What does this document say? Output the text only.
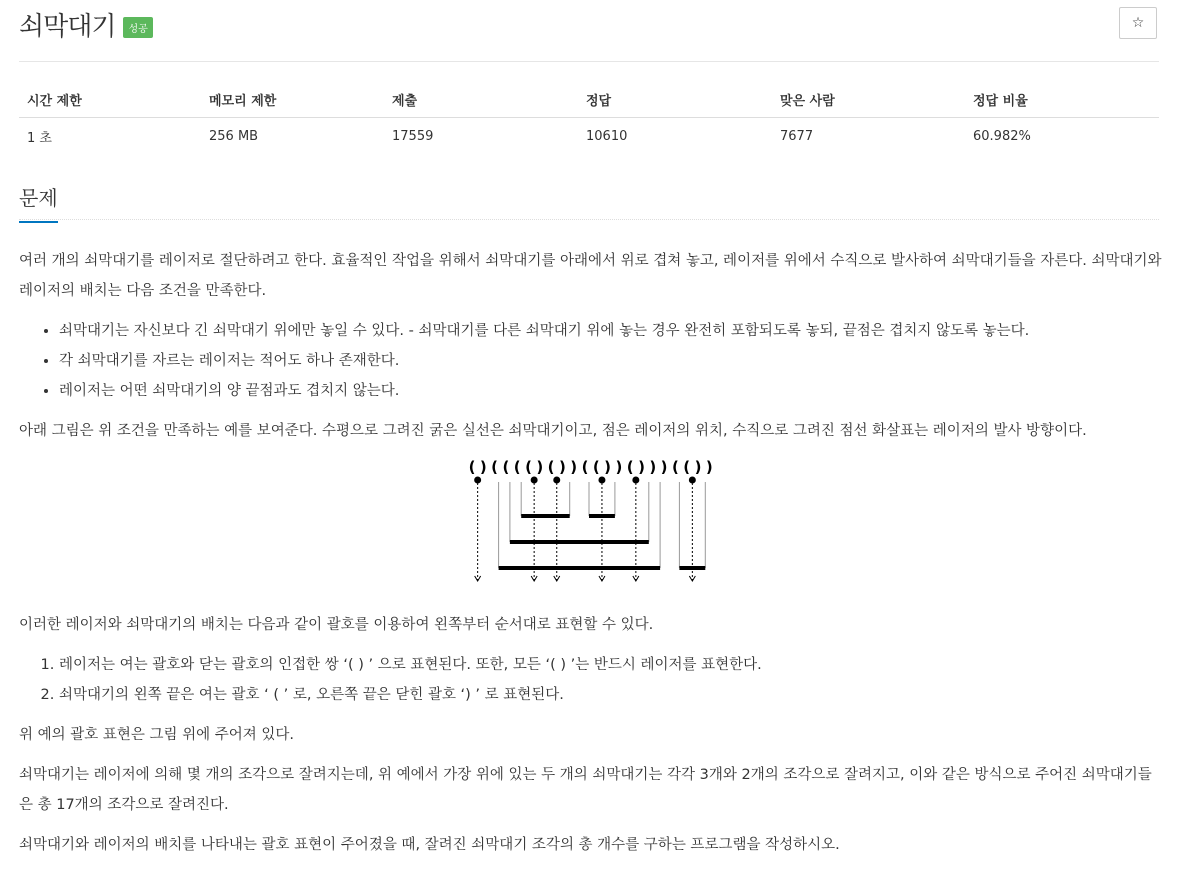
쇠막대기	성공	☆
시간 제한	메모리 제한	제출	정답	맞은 사람	정답 비율
1 초	256 MB	17559	10610	7677	60.982%
문제

여러 개의 쇠막대기를 레이저로 절단하려고 한다. 효율적인 작업을 위해서 쇠막대기를 아래에서 위로 겹쳐 놓고, 레이저를 위에서 수직으로 발사하여 쇠막대기들을 자른다. 쇠막대기와 레이저의 배치는 다음 조건을 만족한다.

• 쇠막대기는 자신보다 긴 쇠막대기 위에만 놓일 수 있다. - 쇠막대기를 다른 쇠막대기 위에 놓는 경우 완전히 포함되도록 놓되, 끝점은 겹치지 않도록 놓는다.
• 각 쇠막대기를 자르는 레이저는 적어도 하나 존재한다.
• 레이저는 어떤 쇠막대기의 양 끝점과도 겹치지 않는다.

아래 그림은 위 조건을 만족하는 예를 보여준다. 수평으로 그려진 굵은 실선은 쇠막대기이고, 점은 레이저의 위치, 수직으로 그려진 점선 화살표는 레이저의 발사 방향이다.

( ) ( ( ( ( ) ( ) ) ( ( ) ) ( ) ) ) ( ( ) )

이러한 레이저와 쇠막대기의 배치는 다음과 같이 괄호를 이용하여 왼쪽부터 순서대로 표현할 수 있다.

1. 레이저는 여는 괄호와 닫는 괄호의 인접한 쌍 ‘( ) ’ 으로 표현된다. 또한, 모든 ‘( ) ’는 반드시 레이저를 표현한다.
2. 쇠막대기의 왼쪽 끝은 여는 괄호 ‘ ( ’ 로, 오른쪽 끝은 닫힌 괄호 ‘) ’ 로 표현된다.

위 예의 괄호 표현은 그림 위에 주어져 있다.

쇠막대기는 레이저에 의해 몇 개의 조각으로 잘려지는데, 위 예에서 가장 위에 있는 두 개의 쇠막대기는 각각 3개와 2개의 조각으로 잘려지고, 이와 같은 방식으로 주어진 쇠막대기들은 총 17개의 조각으로 잘려진다.

쇠막대기와 레이저의 배치를 나타내는 괄호 표현이 주어졌을 때, 잘려진 쇠막대기 조각의 총 개수를 구하는 프로그램을 작성하시오.
